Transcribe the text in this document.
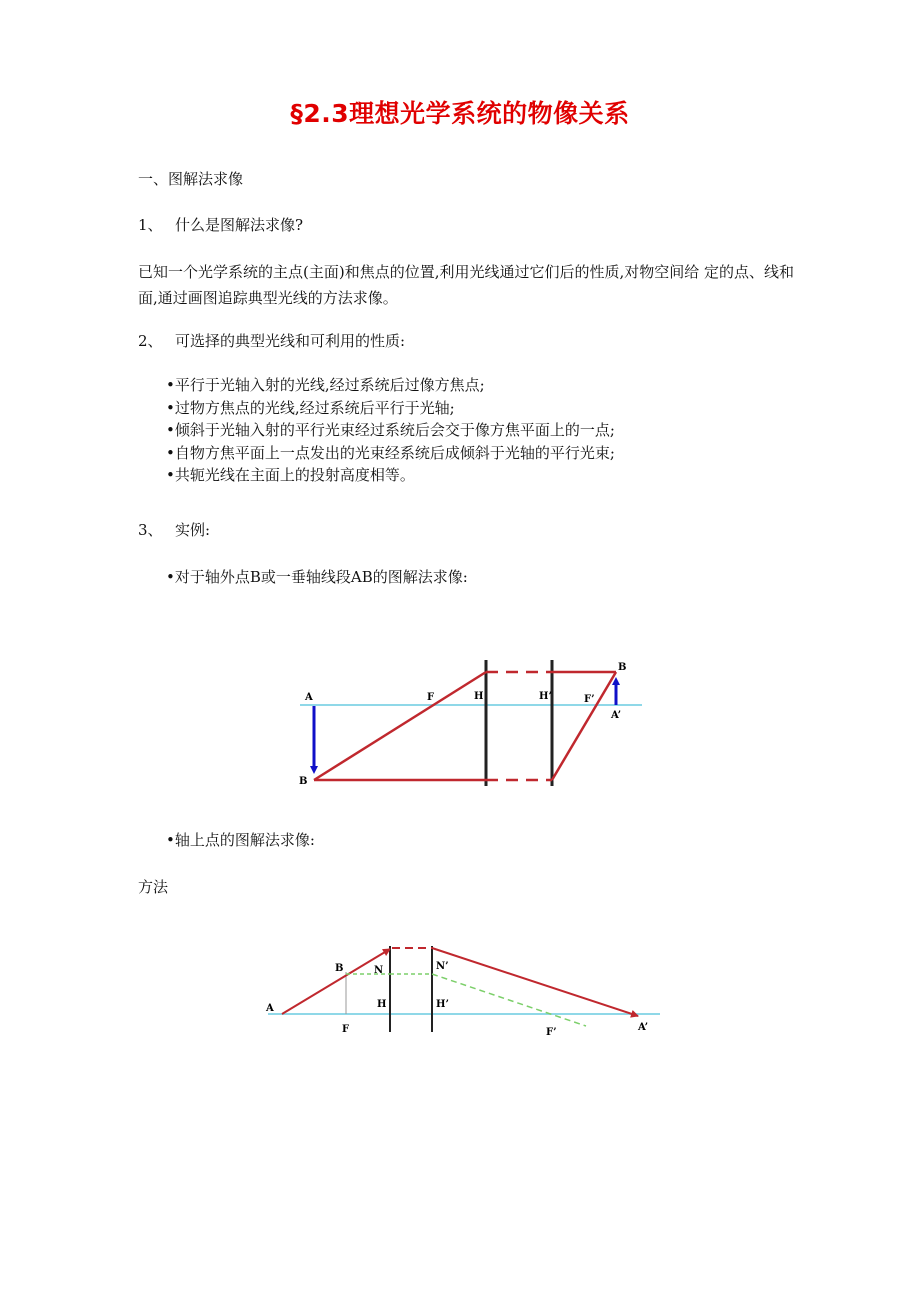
§2.3理想光学系统的物像关系
一、图解法求像
1、 什么是图解法求像?
已知一个光学系统的主点(主面)和焦点的位置,利用光线通过它们后的性质,对物空间给 定的点、线和面,通过画图追踪典型光线的方法求像。
2、 可选择的典型光线和可利用的性质:
•平行于光轴入射的光线,经过系统后过像方焦点;
•过物方焦点的光线,经过系统后平行于光轴;
•倾斜于光轴入射的平行光束经过系统后会交于像方焦平面上的一点;
•自物方焦平面上一点发出的光束经系统后成倾斜于光轴的平行光束;
•共轭光线在主面上的投射高度相等。
3、 实例:
•对于轴外点B或一垂轴线段AB的图解法求像:
A
B
F	H	H’	F’
A’
B
•轴上点的图解法求像:
方法
A
B
F
N	N’
H	H’
F’	A’
